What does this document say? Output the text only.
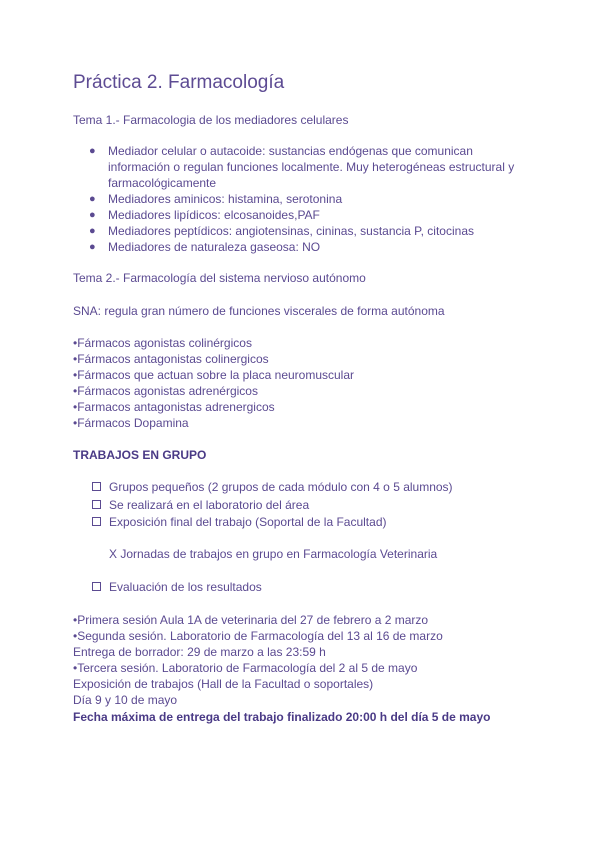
Práctica 2. Farmacología
Tema 1.- Farmacologia de los mediadores celulares
● Mediador celular o autacoide: sustancias endógenas que comunican información o regulan funciones localmente. Muy heterogéneas estructural y farmacológicamente
● Mediadores aminicos: histamina, serotonina
● Mediadores lipídicos: elcosanoides,PAF
● Mediadores peptídicos: angiotensinas, cininas, sustancia P, citocinas
● Mediadores de naturaleza gaseosa: NO
Tema 2.- Farmacología del sistema nervioso autónomo
SNA: regula gran número de funciones viscerales de forma autónoma
•Fármacos agonistas colinérgicos
•Fármacos antagonistas colinergicos
•Fármacos que actuan sobre la placa neuromuscular
•Fármacos agonistas adrenérgicos
•Farmacos antagonistas adrenergicos
•Fármacos Dopamina
TRABAJOS EN GRUPO
Grupos pequeños (2 grupos de cada módulo con 4 o 5 alumnos)
Se realizará en el laboratorio del área
Exposición final del trabajo (Soportal de la Facultad)
X Jornadas de trabajos en grupo en Farmacología Veterinaria
Evaluación de los resultados
•Primera sesión Aula 1A de veterinaria del 27 de febrero a 2 marzo
•Segunda sesión. Laboratorio de Farmacología del 13 al 16 de marzo
Entrega de borrador: 29 de marzo a las 23:59 h
•Tercera sesión. Laboratorio de Farmacología del 2 al 5 de mayo
Exposición de trabajos (Hall de la Facultad o soportales)
Día 9 y 10 de mayo
Fecha máxima de entrega del trabajo finalizado 20:00 h del día 5 de mayo
